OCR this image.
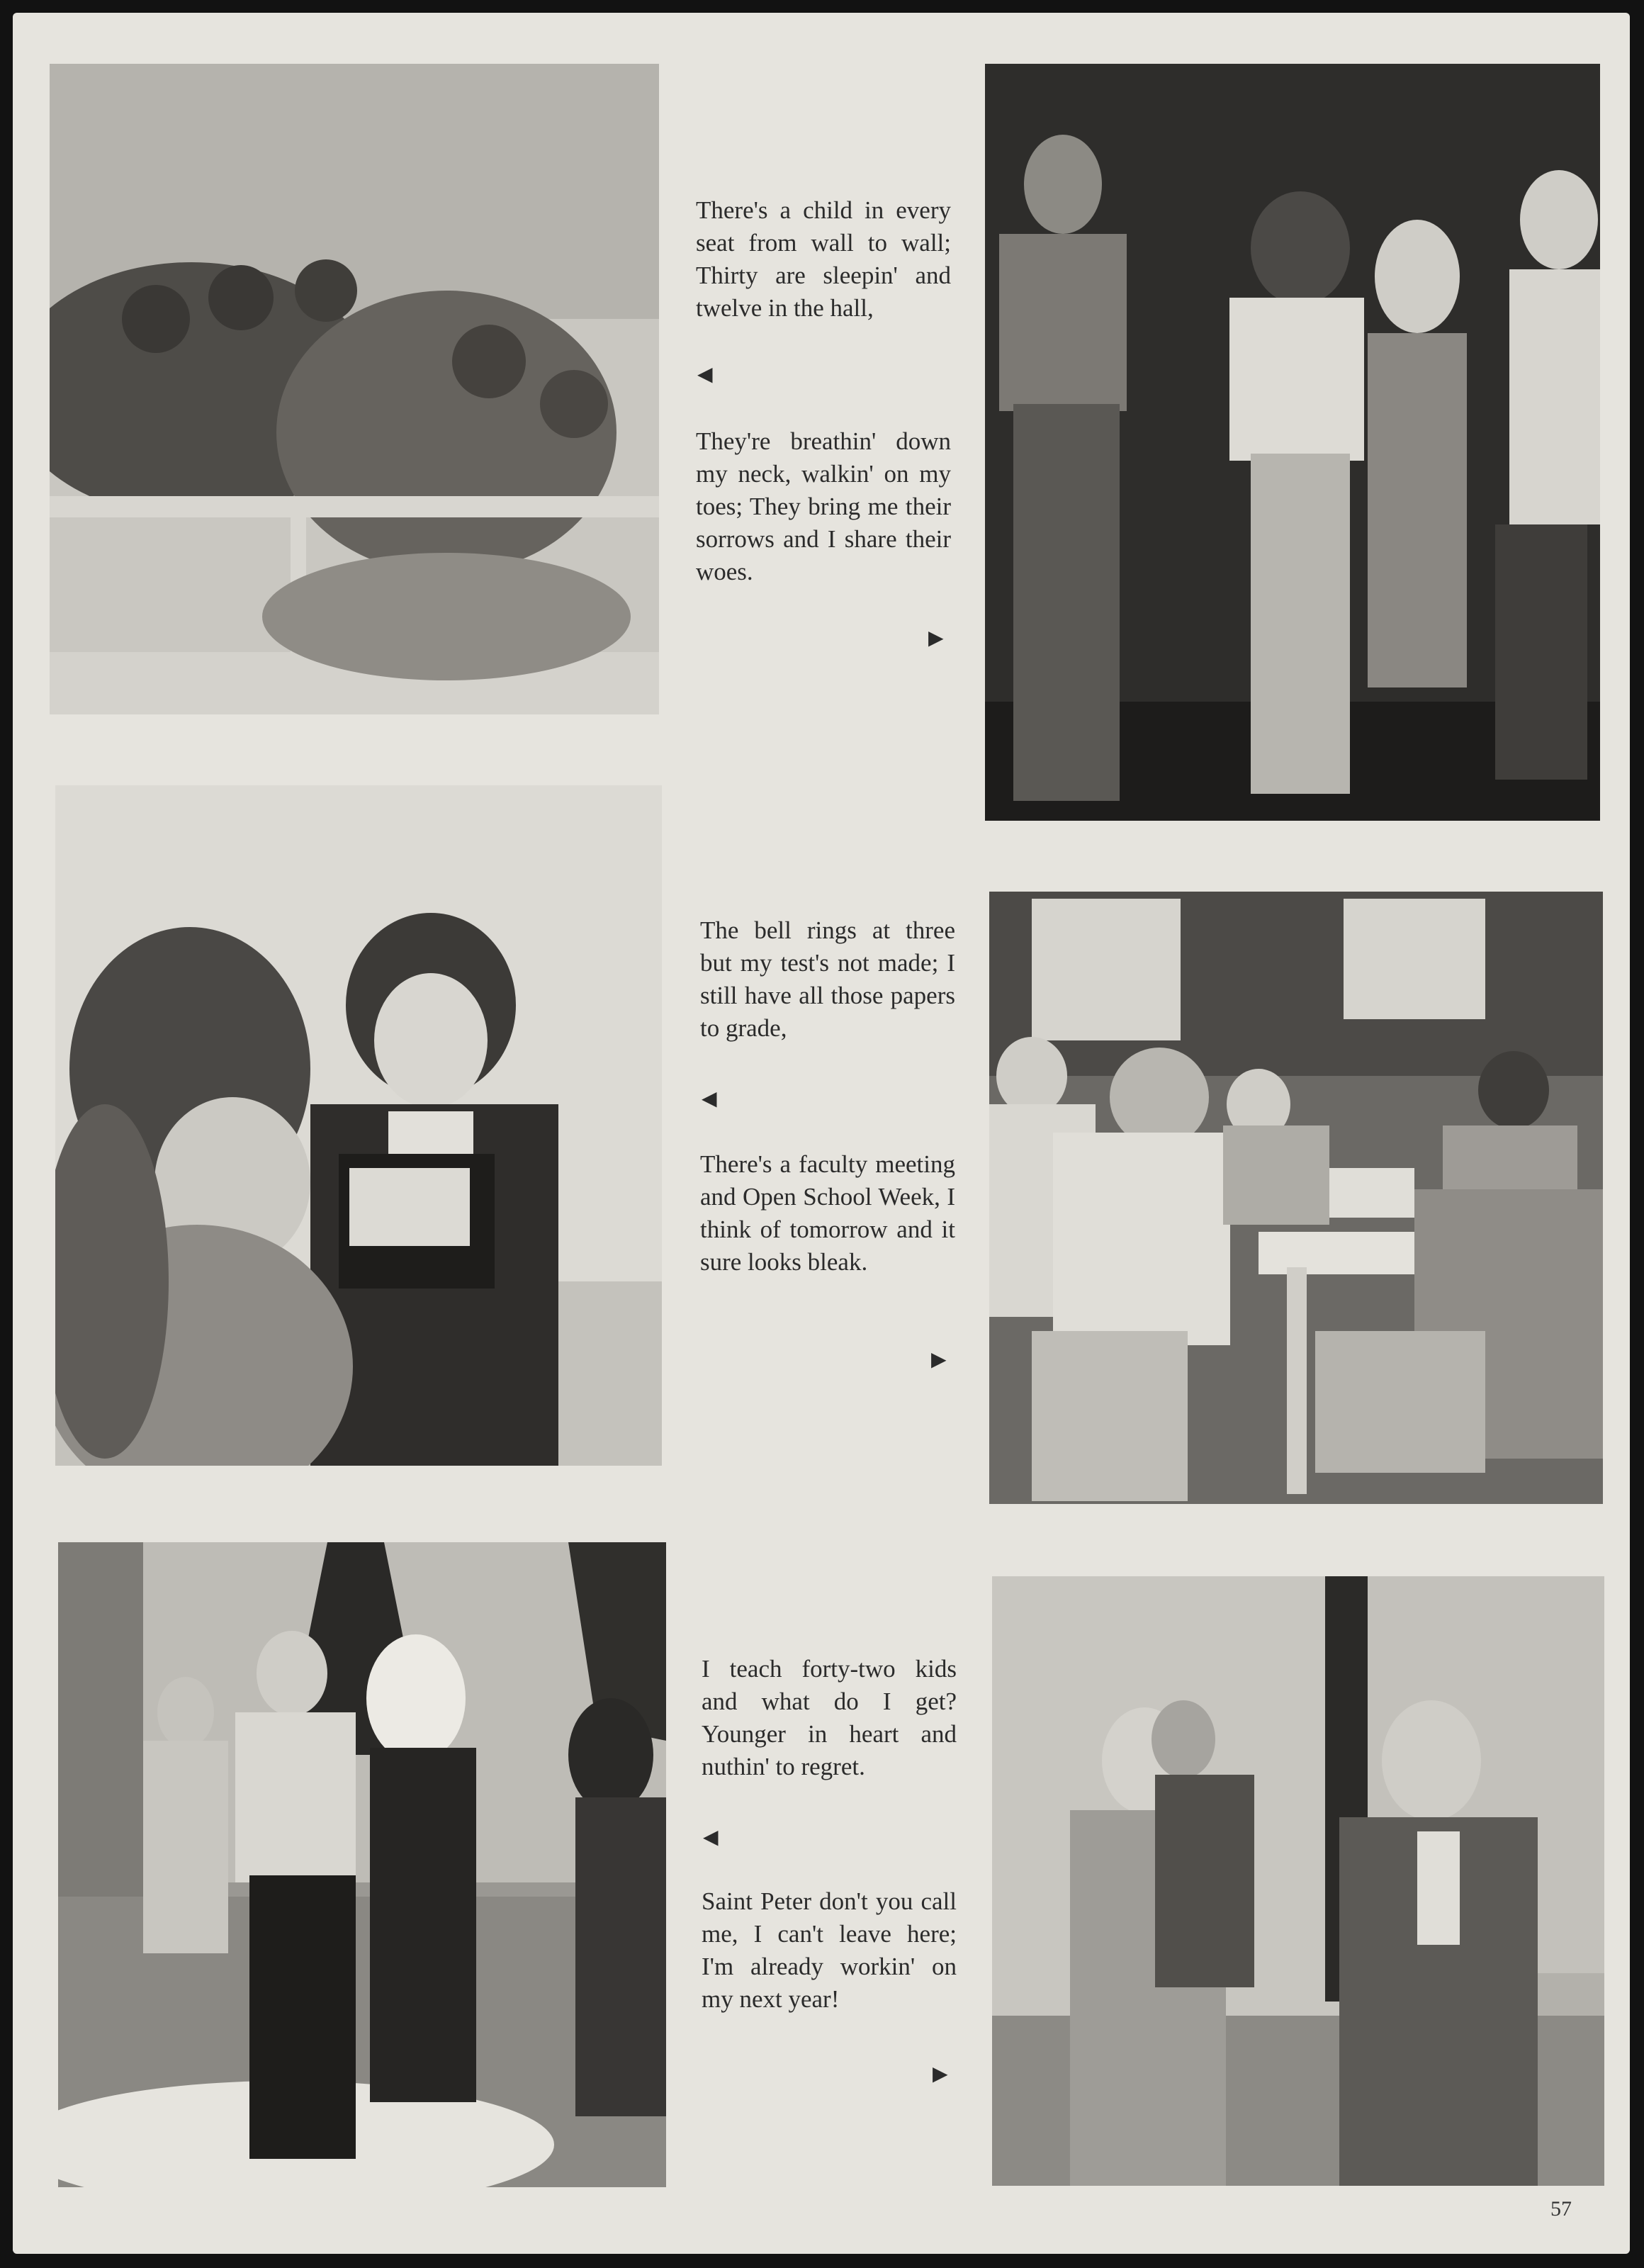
There's a child in every seat from wall to wall; Thirty are sleepin' and twelve in the hall,
◀
They're breathin' down my neck, walkin' on my toes; They bring me their sorrows and I share their woes.
▶
The bell rings at three but my test's not made; I still have all those papers to grade,
◀
There's a faculty meeting and Open School Week, I think of tomorrow and it sure looks bleak.
▶
I teach forty-two kids and what do I get? Younger in heart and nuthin' to regret.
◀
Saint Peter don't you call me, I can't leave here; I'm already workin' on my next year!
▶
57
